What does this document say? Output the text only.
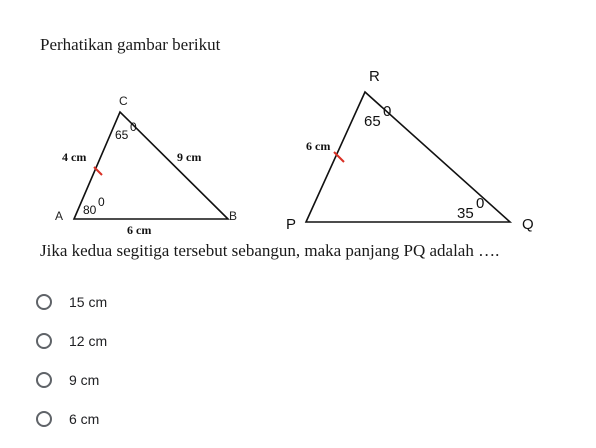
Perhatikan gambar berikut
C
A	B
4 cm	9 cm
6 cm
65
0
80
0
R
P	Q
6 cm
65
0
35
0
Jika kedua segitiga tersebut sebangun, maka panjang PQ adalah ….
15 cm
12 cm
9 cm
6 cm
